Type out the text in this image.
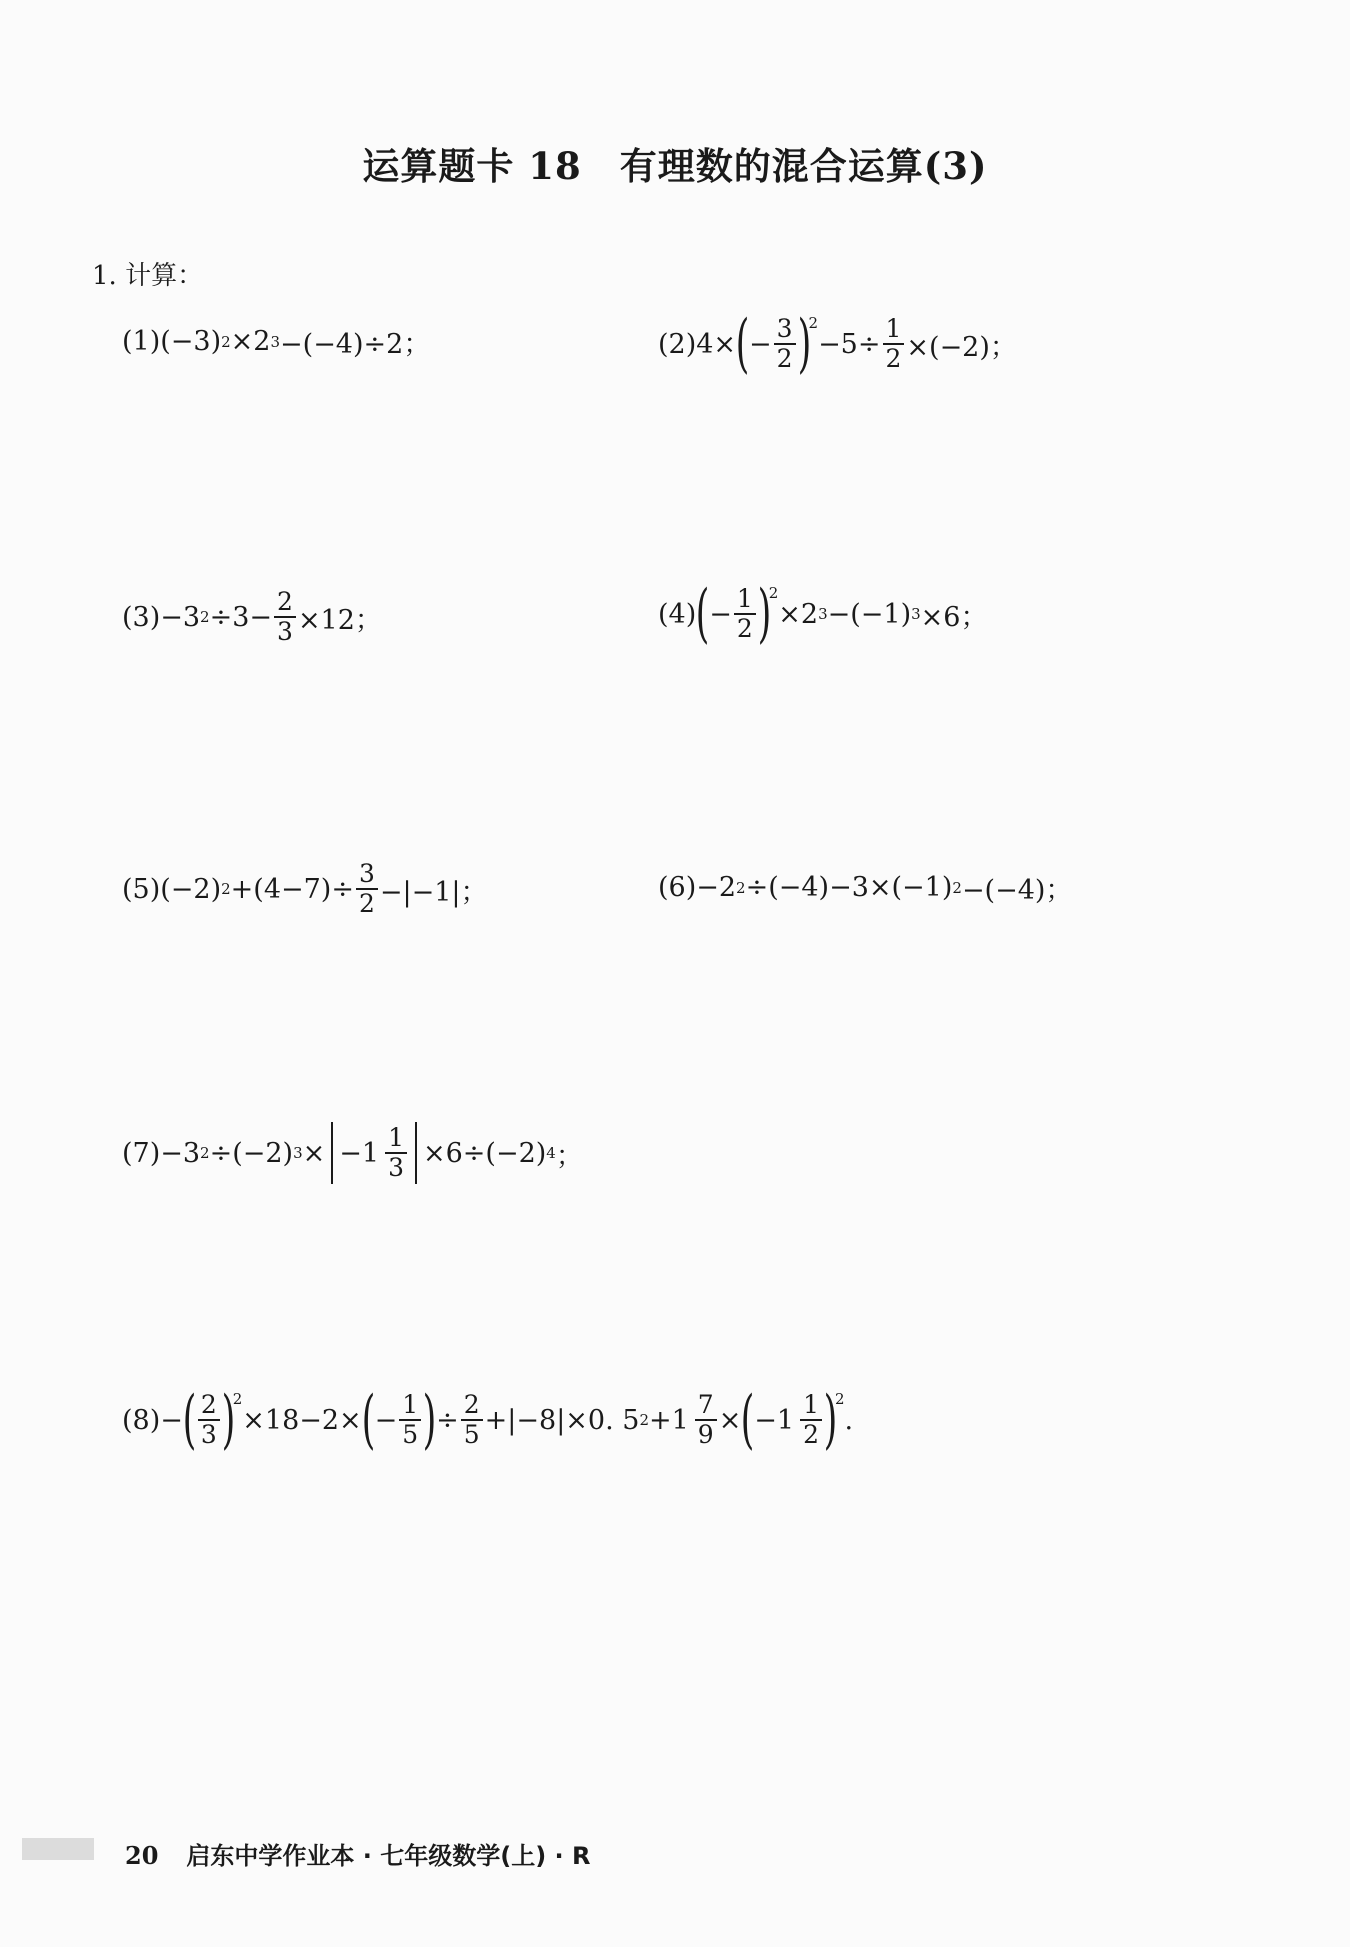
运算题卡 18　有理数的混合运算(3)
1. 计算：
(1)(−3) 2 ×2 3 −(−4)÷2；	(2)4× ( − $\frac{3}{2}$ )
2
$-5\div \frac{1}{2} \times(-2)$；
(3)−3 $2 \div 3- \frac{2}{3} \times 12$；	(4) ( − $\frac{1}{2}$ )
2
×2 3 −(−1) 3 ×6；
(5)(−2) $2 +(4-7)\div \frac{3}{2} -|-1|$；	(6)−2 2 ÷(−4)−3×(−1) 2 −(−4)；
(7)−3 2 ÷(−2) $3 \times -1 \frac{1}{3} \times 6\div(-2)$ 4 ；
(8)− ( $\frac{2}{3}$ )
2
×18−2× ( − $\frac{1}{5}$ ) ÷ $\frac{2}{5} +|-8|\times 0$. 5 $2 +1 \frac{7}{9}$ × ( $-1 \frac{1}{2}$ )
2
.
20 启东中学作业本 · 七年级数学(上) · R
